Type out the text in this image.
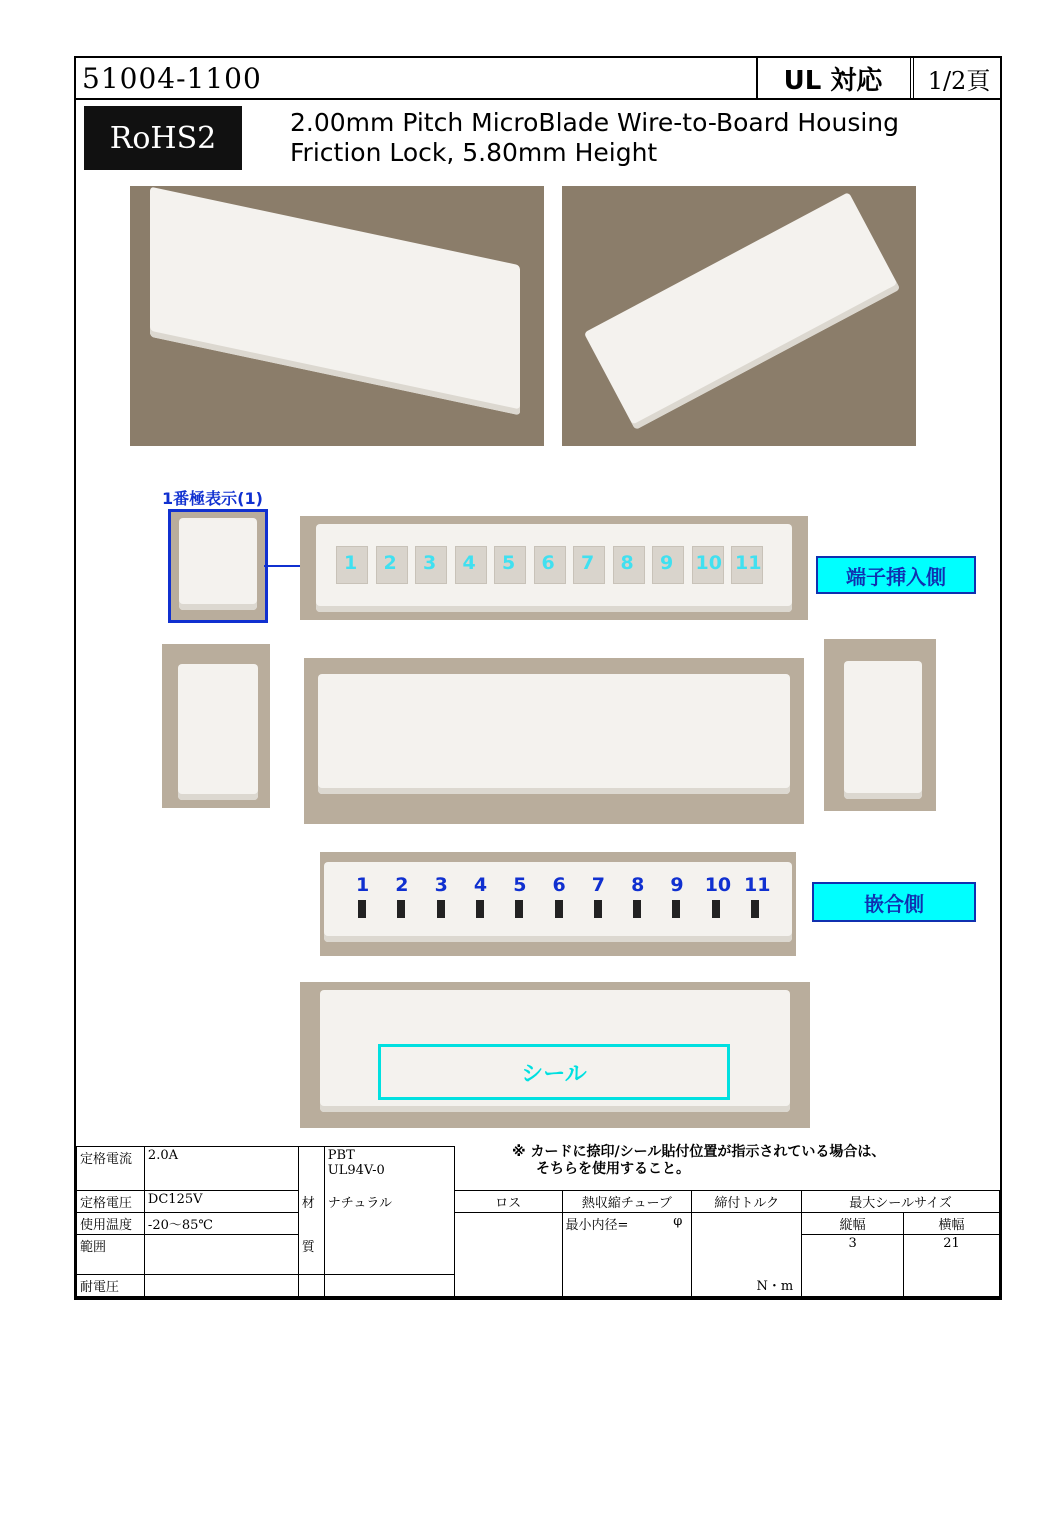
51004-1100	UL 対応	1/2頁
RoHS2	2.00mm Pitch MicroBlade Wire-to-Board Housing
Friction Lock, 5.80mm Height
1番極表示(1)
1 2 3 4 5 6 7 8 9 10 11
端子挿入側
1 2 3 4 5 6 7 8 9 10 11
嵌合側
シール
※ カードに捺印/シール貼付位置が指示されている場合は、
そちらを使用すること。
定格電流	2.0A		PBT
UL94V-0					

定格電圧	DC125V	材	ナチュラル	ロス	熱収縮チューブ	締付トルク	最大シールサイズ	

使用温度	-20～85℃				最小内径= φ	N・m	縦幅	横幅
範囲		質					3	21
耐電圧								
